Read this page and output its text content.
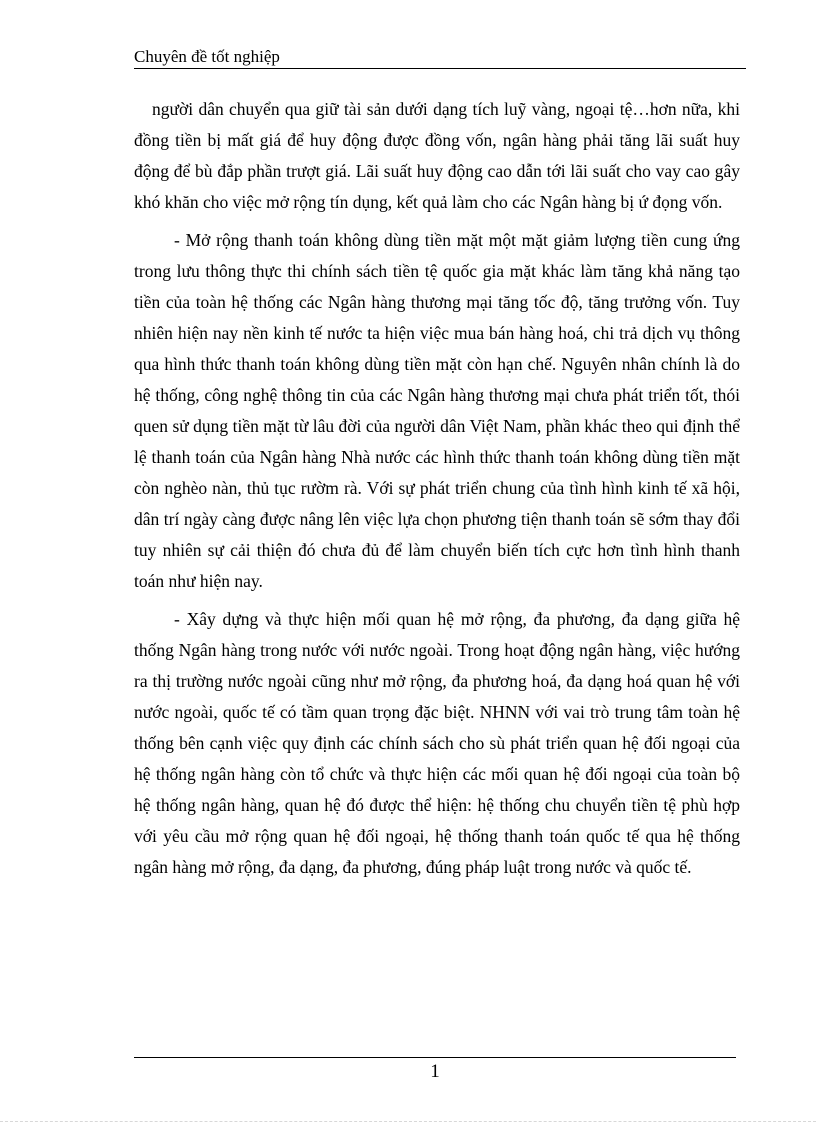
Chuyên đề tốt nghiệp

người dân chuyển qua giữ tài sản dưới dạng tích luỹ vàng, ngoại tệ…hơn nữa, khi đồng tiền bị mất giá để huy động được đồng vốn, ngân hàng phải tăng lãi suất huy động để bù đắp phần trượt giá. Lãi suất huy động cao dẫn tới lãi suất cho vay cao gây khó khăn cho việc mở rộng tín dụng, kết quả làm cho các Ngân hàng bị ứ đọng vốn.

- Mở rộng thanh toán không dùng tiền mặt một mặt giảm lượng tiền cung ứng trong lưu thông thực thi chính sách tiền tệ quốc gia mặt khác làm tăng khả năng tạo tiền của toàn hệ thống các Ngân hàng thương mại tăng tốc độ, tăng trưởng vốn. Tuy nhiên hiện nay nền kinh tế nước ta hiện việc mua bán hàng hoá, chi trả dịch vụ thông qua hình thức thanh toán không dùng tiền mặt còn hạn chế. Nguyên nhân chính là do hệ thống, công nghệ thông tin của các Ngân hàng thương mại chưa phát triển tốt, thói quen sử dụng tiền mặt từ lâu đời của người dân Việt Nam, phần khác theo qui định thể lệ thanh toán của Ngân hàng Nhà nước các hình thức thanh toán không dùng tiền mặt còn nghèo nàn, thủ tục rườm rà. Với sự phát triển chung của tình hình kinh tế xã hội, dân trí ngày càng được nâng lên việc lựa chọn phương tiện thanh toán sẽ sớm thay đổi tuy nhiên sự cải thiện đó chưa đủ để làm chuyển biến tích cực hơn tình hình thanh toán như hiện nay.

- Xây dựng và thực hiện mối quan hệ mở rộng, đa phương, đa dạng giữa hệ thống Ngân hàng trong nước với nước ngoài. Trong hoạt động ngân hàng, việc hướng ra thị trường nước ngoài cũng như mở rộng, đa phương hoá, đa dạng hoá quan hệ với nước ngoài, quốc tế có tầm quan trọng đặc biệt. NHNN với vai trò trung tâm toàn hệ thống bên cạnh việc quy định các chính sách cho sù phát triển quan hệ đối ngoại của hệ thống ngân hàng còn tổ chức và thực hiện các mối quan hệ đối ngoại của toàn bộ hệ thống ngân hàng, quan hệ đó được thể hiện: hệ thống chu chuyển tiền tệ phù hợp với yêu cầu mở rộng quan hệ đối ngoại, hệ thống thanh toán quốc tế qua hệ thống ngân hàng mở rộng, đa dạng, đa phương, đúng pháp luật trong nước và quốc tế.

1
